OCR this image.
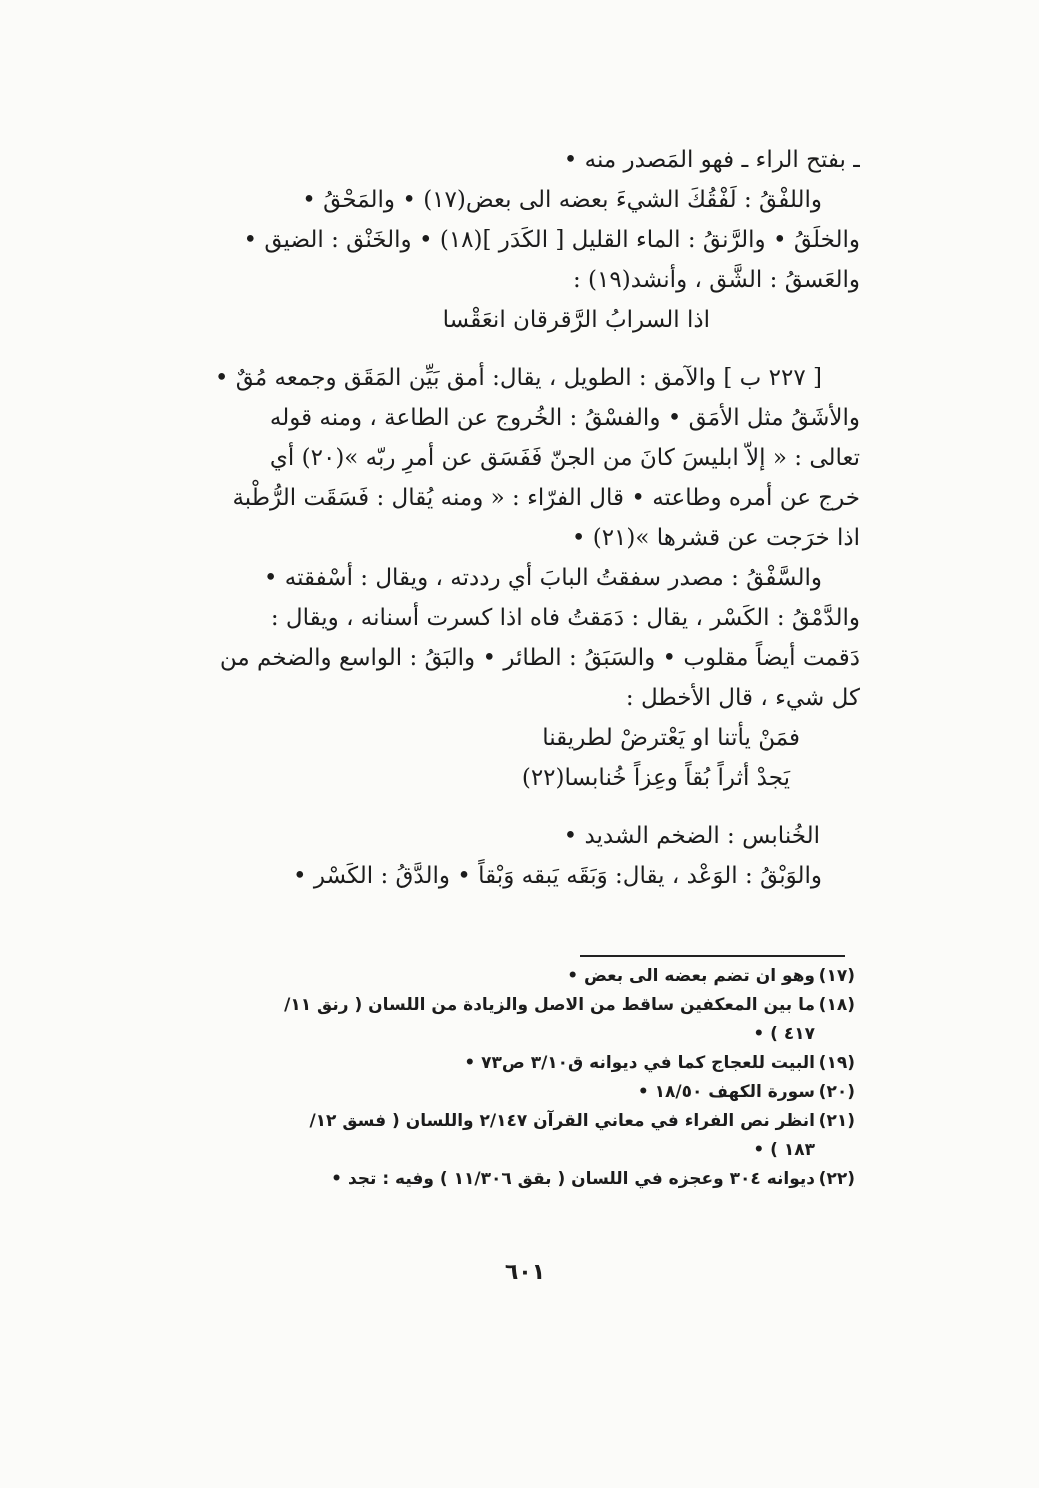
ـ بفتح الراء ـ فهو المَصدر منه •
واللفْقُ : لَفْقُكَ الشيءَ بعضه الى بعض(١٧) • والمَحْقُ •
والخلَقُ • والرَّنقُ : الماء القليل [ الكَدَر ](١٨) • والخَنْق : الضيق •
والعَسقُ : الشَّق ، وأنشد(١٩) :
اذا السرابُ الرَّقرقان انعَقْسا
[ ٢٢٧ ب ] والآمق : الطويل ، يقال: أمق بَيِّن المَقَق وجمعه مُقٌ •
والأشَقُ مثل الأمَق • والفسْقُ : الخُروج عن الطاعة ، ومنه قوله
تعالى : « إلاّ ابليسَ كانَ من الجنّ فَفَسَق عن أمرِ ربّه »(٢٠) أي
خرج عن أمره وطاعته • قال الفرّاء : « ومنه يُقال : فَسَقَت الرُّطْبة
اذا خرَجت عن قشرها »(٢١) •
والسَّفْقُ : مصدر سفقتُ البابَ أي رددته ، ويقال : أسْفقته •
والدَّمْقُ : الكَسْر ، يقال : دَمَقتُ فاه اذا كسرت أسنانه ، ويقال :
دَقمت أيضاً مقلوب • والسَبَقُ : الطائر • والبَقُ : الواسع والضخم من
كل شيء ، قال الأخطل :
فمَنْ يأتنا او يَعْترضْ لطريقنا
يَجدْ أثراً بُقاً وعِزاً خُنابسا(٢٢)
الخُنابس : الضخم الشديد •
والوَبْقُ : الوَعْد ، يقال: وَبَقَه يَبقه وَبْقاً • والدَّقُ : الكَسْر •
(١٧)
وهو ان تضم بعضه الى بعض •
(١٨)
ما بين المعكفين ساقط من الاصل والزيادة من اللسان ( رنق ١١/
٤١٧ ) •
(١٩)
البيت للعجاج كما في ديوانه ق٣/١٠ ص٧٣ •
(٢٠)
سورة الكهف ١٨/٥٠ •
(٢١)
انظر نص الفراء في معاني القرآن ٢/١٤٧ واللسان ( فسق ١٢/
١٨٣ ) •
(٢٢)
ديوانه ٣٠٤ وعجزه في اللسان ( بقق ١١/٣٠٦ ) وفيه : تجد •
٦٠١
